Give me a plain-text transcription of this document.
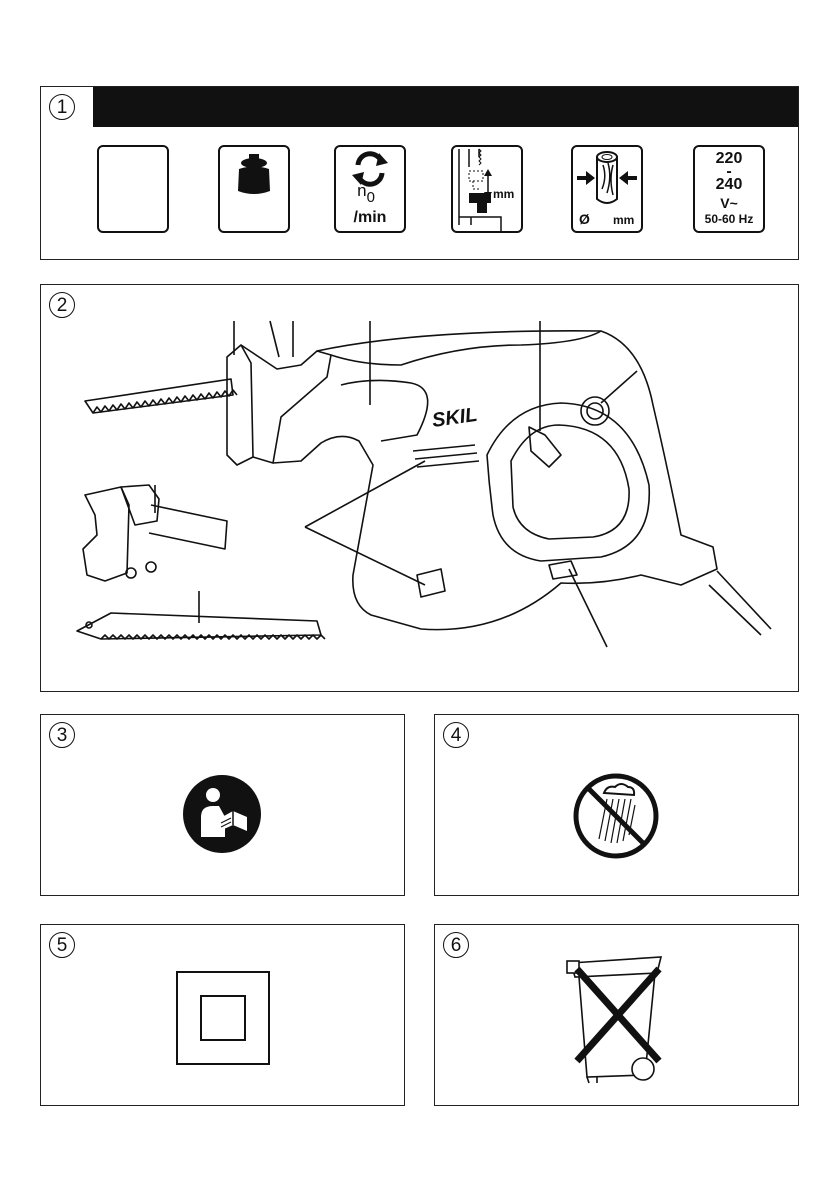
1
n0
/min
mm
Ø mm
220
-
240
V~
50-60 Hz
2
SKIL
3	4
5	6
